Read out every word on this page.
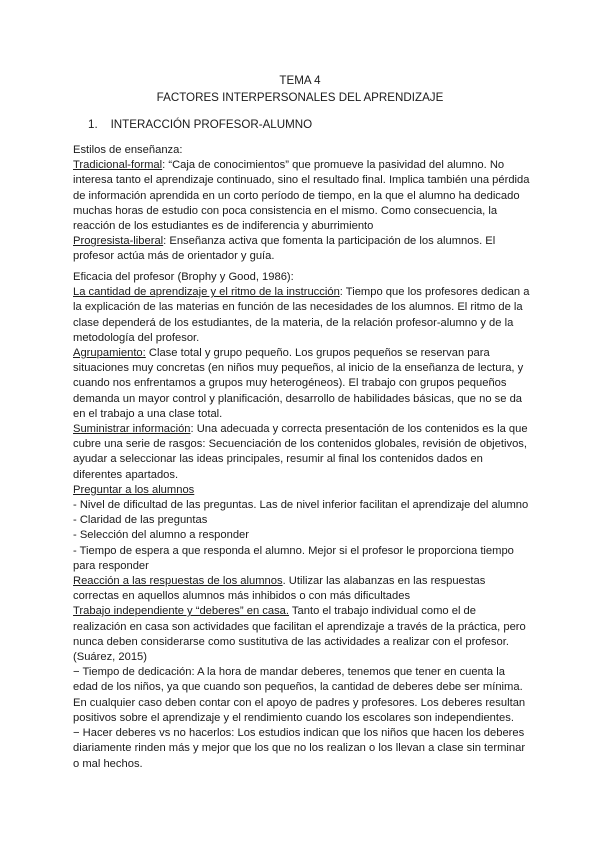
TEMA 4
FACTORES INTERPERSONALES DEL APRENDIZAJE
1. INTERACCIÓN PROFESOR-ALUMNO

Estilos de enseñanza:

Tradicional-formal: “Caja de conocimientos” que promueve la pasividad del alumno. No

interesa tanto el aprendizaje continuado, sino el resultado final. Implica también una pérdida

de información aprendida en un corto período de tiempo, en la que el alumno ha dedicado

muchas horas de estudio con poca consistencia en el mismo. Como consecuencia, la

reacción de los estudiantes es de indiferencia y aburrimiento

Progresista-liberal: Enseñanza activa que fomenta la participación de los alumnos. El

profesor actúa más de orientador y guía.

Eficacia del profesor (Brophy y Good, 1986):

La cantidad de aprendizaje y el ritmo de la instrucción: Tiempo que los profesores dedican a

la explicación de las materias en función de las necesidades de los alumnos. El ritmo de la

clase dependerá de los estudiantes, de la materia, de la relación profesor-alumno y de la

metodología del profesor.

Agrupamiento: Clase total y grupo pequeño. Los grupos pequeños se reservan para

situaciones muy concretas (en niños muy pequeños, al inicio de la enseñanza de lectura, y

cuando nos enfrentamos a grupos muy heterogéneos). El trabajo con grupos pequeños

demanda un mayor control y planificación, desarrollo de habilidades básicas, que no se da

en el trabajo a una clase total.

Suministrar información: Una adecuada y correcta presentación de los contenidos es la que

cubre una serie de rasgos: Secuenciación de los contenidos globales, revisión de objetivos,

ayudar a seleccionar las ideas principales, resumir al final los contenidos dados en

diferentes apartados.

Preguntar a los alumnos

- Nivel de dificultad de las preguntas. Las de nivel inferior facilitan el aprendizaje del alumno

- Claridad de las preguntas

- Selección del alumno a responder

- Tiempo de espera a que responda el alumno. Mejor si el profesor le proporciona tiempo

para responder

Reacción a las respuestas de los alumnos. Utilizar las alabanzas en las respuestas

correctas en aquellos alumnos más inhibidos o con más dificultades

Trabajo independiente y “deberes” en casa. Tanto el trabajo individual como el de

realización en casa son actividades que facilitan el aprendizaje a través de la práctica, pero

nunca deben considerarse como sustitutiva de las actividades a realizar con el profesor.

(Suárez, 2015)

− Tiempo de dedicación: A la hora de mandar deberes, tenemos que tener en cuenta la

edad de los niños, ya que cuando son pequeños, la cantidad de deberes debe ser mínima.

En cualquier caso deben contar con el apoyo de padres y profesores. Los deberes resultan

positivos sobre el aprendizaje y el rendimiento cuando los escolares son independientes.

− Hacer deberes vs no hacerlos: Los estudios indican que los niños que hacen los deberes

diariamente rinden más y mejor que los que no los realizan o los llevan a clase sin terminar

o mal hechos.
